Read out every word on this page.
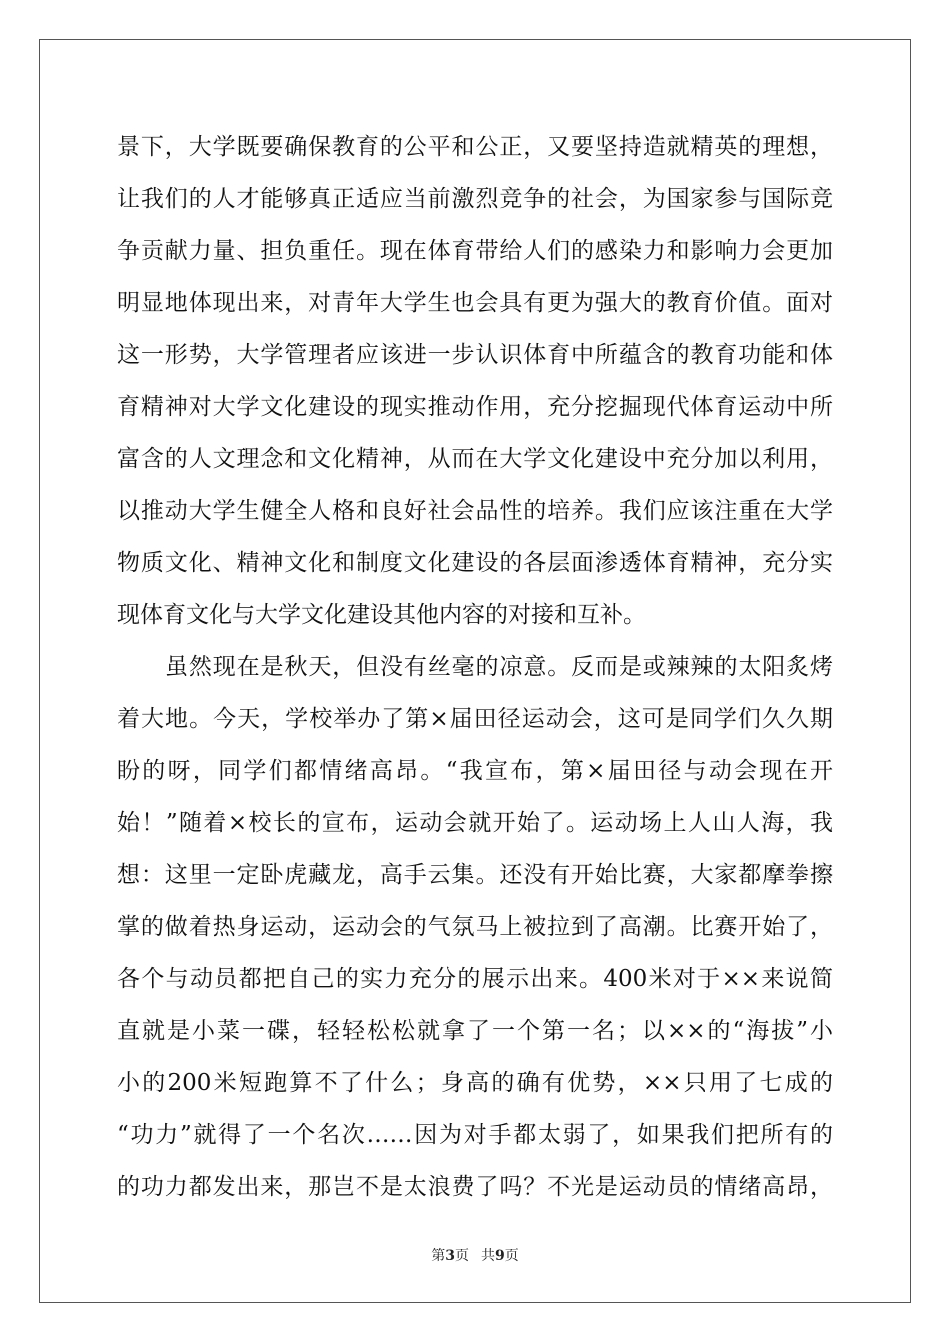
景下，大学既要确保教育的公平和公正，又要坚持造就精英的理想，
让我们的人才能够真正适应当前激烈竞争的社会，为国家参与国际竞
争贡献力量、担负重任。现在体育带给人们的感染力和影响力会更加
明显地体现出来，对青年大学生也会具有更为强大的教育价值。面对
这一形势，大学管理者应该进一步认识体育中所蕴含的教育功能和体
育精神对大学文化建设的现实推动作用，充分挖掘现代体育运动中所
富含的人文理念和文化精神，从而在大学文化建设中充分加以利用，
以推动大学生健全人格和良好社会品性的培养。我们应该注重在大学
物质文化、精神文化和制度文化建设的各层面渗透体育精神，充分实
现体育文化与大学文化建设其他内容的对接和互补。
虽然现在是秋天，但没有丝毫的凉意。反而是或辣辣的太阳炙烤
着大地。今天，学校举办了第×届田径运动会，这可是同学们久久期
盼的呀，同学们都情绪高昂。“我宣布，第×届田径与动会现在开
始！”随着×校长的宣布，运动会就开始了。运动场上人山人海，我
想：这里一定卧虎藏龙，高手云集。还没有开始比赛，大家都摩拳擦
掌的做着热身运动，运动会的气氛马上被拉到了高潮。比赛开始了，
各个与动员都把自己的实力充分的展示出来。400米对于××来说简
直就是小菜一碟，轻轻松松就拿了一个第一名；以××的“海拔”小
小的200米短跑算不了什么；身高的确有优势，××只用了七成的
“功力”就得了一个名次……因为对手都太弱了，如果我们把所有的
的功力都发出来，那岂不是太浪费了吗？不光是运动员的情绪高昂，
第3页 共9页
